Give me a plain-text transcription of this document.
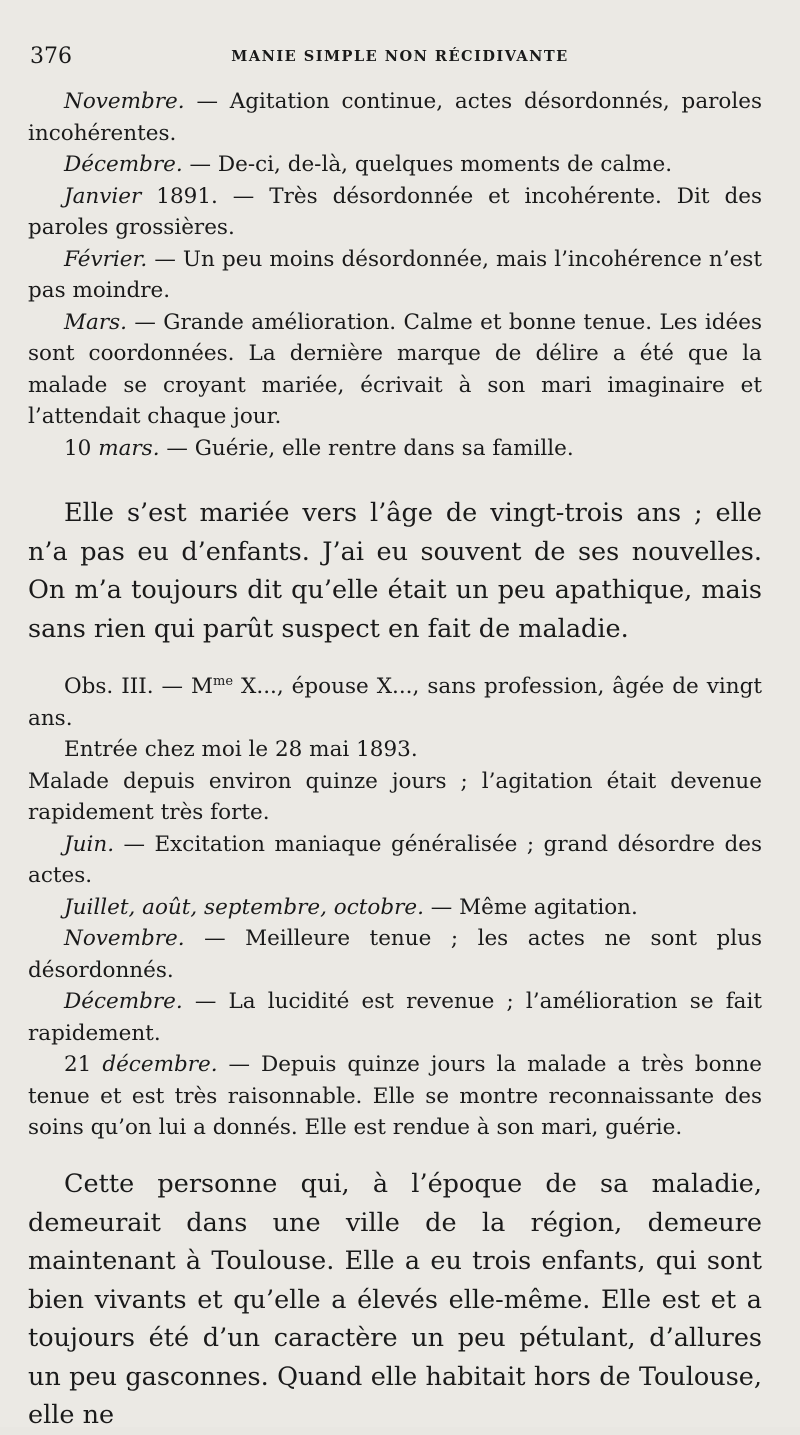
376	MANIE SIMPLE NON RÉCIDIVANTE

Novembre. — Agitation continue, actes désordonnés, paroles incohérentes.

Décembre. — De-ci, de-là, quelques moments de calme.

Janvier 1891. — Très désordonnée et incohérente. Dit des paroles grossières.

Février. — Un peu moins désordonnée, mais l’incohérence n’est pas moindre.

Mars. — Grande amélioration. Calme et bonne tenue. Les idées sont coordonnées. La dernière marque de délire a été que la malade se croyant mariée, écrivait à son mari imaginaire et l’attendait chaque jour.

10 mars. — Guérie, elle rentre dans sa famille.

Elle s’est mariée vers l’âge de vingt-trois ans ; elle n’a pas eu d’enfants. J’ai eu souvent de ses nouvelles. On m’a toujours dit qu’elle était un peu apathique, mais sans rien qui parût suspect en fait de maladie.

Obs. III. — $M^{me}$ X..., épouse X..., sans profession, âgée de vingt ans.

Entrée chez moi le 28 mai 1893.

Malade depuis environ quinze jours ; l’agitation était devenue rapidement très forte.

Juin. — Excitation maniaque généralisée ; grand désordre des actes.

Juillet, août, septembre, octobre. — Même agitation.

Novembre. — Meilleure tenue ; les actes ne sont plus désordonnés.

Décembre. — La lucidité est revenue ; l’amélioration se fait rapidement.

21 décembre. — Depuis quinze jours la malade a très bonne tenue et est très raisonnable. Elle se montre reconnaissante des soins qu’on lui a donnés. Elle est rendue à son mari, guérie.

Cette personne qui, à l’époque de sa maladie, demeurait dans une ville de la région, demeure maintenant à Toulouse. Elle a eu trois enfants, qui sont bien vivants et qu’elle a élevés elle-même. Elle est et a toujours été d’un caractère un peu pétulant, d’allures un peu gasconnes. Quand elle habitait hors de Toulouse, elle ne
